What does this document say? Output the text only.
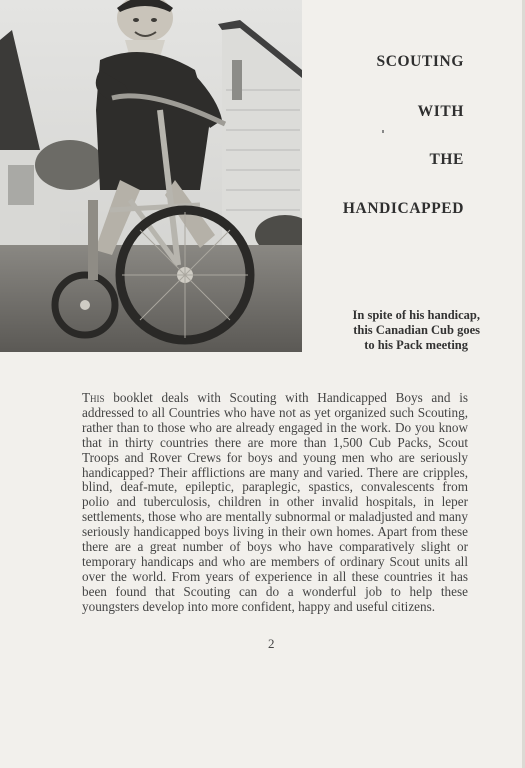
SCOUTING
WITH
THE
HANDICAPPED
In spite of his handicap,
this Canadian Cub goes
to his Pack meeting
This booklet deals with Scouting with Handicapped Boys and is addressed to all Countries who have not as yet organized such Scouting, rather than to those who are already engaged in the work. Do you know that in thirty countries there are more than 1,500 Cub Packs, Scout Troops and Rover Crews for boys and young men who are seriously handicapped? Their afflictions are many and varied. There are cripples, blind, deaf-mute, epileptic, paraplegic, spastics, convalescents from polio and tuberculosis, children in other invalid hospitals, in leper settlements, those who are mentally subnormal or maladjusted and many seriously handicapped boys living in their own homes. Apart from these there are a great number of boys who have comparatively slight or temporary handicaps and who are members of ordinary Scout units all over the world. From years of experience in all these countries it has been found that Scouting can do a wonderful job to help these youngsters develop into more confident, happy and useful citizens.
2
